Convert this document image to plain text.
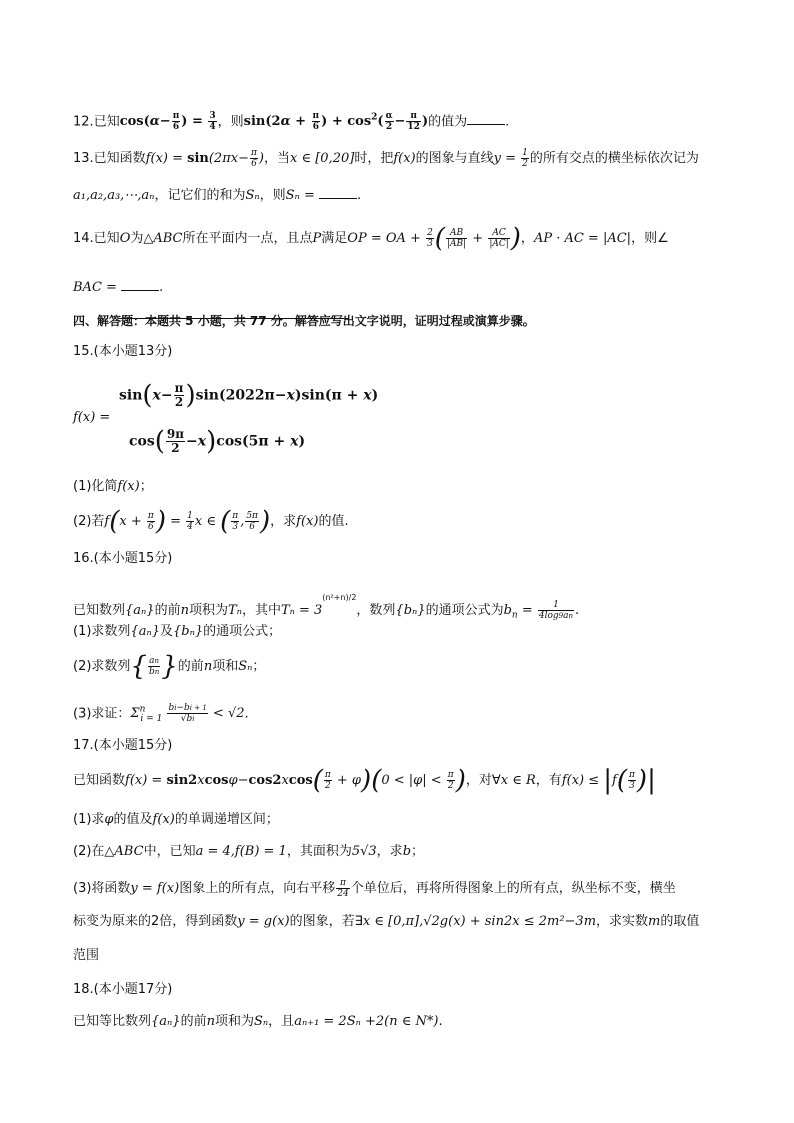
12.已知$\cos(\alpha- \frac{\pi}{6}$ ) = $\frac{3}{4}$ ，则$\sin(2\alpha + \frac{\pi}{6}$ ) + $\cos^2( \frac{\alpha}{2} - \frac{\pi}{12}$ )的值为	.
13.已知函数$f(x) = \sin(2\pi x- \frac{\pi}{6}$ )，当x ∈ [0,20]时，把f(x)的图象与直线$y = \frac{1}{2}$ 的所有交点的横坐标依次记为
a₁,a₂,a₃,⋯,aₙ，记它们的和为Sₙ，则Sₙ =	.
14.已知O为△ABC所在平面内一点，且点P满足OP = OA + $\frac{2}{3}$ ( $\frac{AB}{|AB|} + \frac{AC}{|AC|}$ )，AP · AC = |AC|，则∠
BAC =	.
四、解答题：本题共 5 小题，共 77 分。解答应写出文字说明，证明过程或演算步骤。
15.(本小题13分)
f(x) =
$\sin(x- \frac{\pi}{2} )\sin(2022\pi-x)\sin(\pi + x)$
$\cos( \frac{9\pi}{2} -x)\cos(5\pi + x)$
(1)化简f(x)；
(2)若$f(x + \frac{\pi}{6}$ ) = $\frac{1}{4}$ x ∈ ( $\frac{\pi}{3}$ , $\frac{5\pi}{6}$ )，求f(x)的值.
16.(本小题15分)
已知数列{aₙ}的前n项积为Tₙ，其中$T_n = 3^{(n^2+n)/2}$，数列{bₙ}的通项公式为$b_n = \frac{1}{4\log 9an}$ .
(1)求数列{aₙ}及{bₙ}的通项公式；
(2)求数列{ $\frac{an}{bn}$ }的前n项和Sₙ；
(3)求证：$\Sigma^n_{i = 1} \frac{bi-bi + 1}{√bi} < √2$.
17.(本小题15分)
已知函数$f(x) = \sin 2xcos\varphi-\cos 2xcos( \frac{\pi}{2} + \varphi)(0 < |\varphi| < \frac{\pi}{2}$ )，对∀x ∈ R，有$f(x) \le |f( \frac{\pi}{3}$ )|
(1)求φ的值及f(x)的单调递增区间；
(2)在△ABC中，已知a = 4,f(B) = 1，其面积为5√3，求b；
(3)将函数y = f(x)图象上的所有点，向右平移 $\frac{\pi}{24}$ 个单位后，再将所得图象上的所有点，纵坐标不变，横坐
标变为原来的2倍，得到函数y = g(x)的图象，若∃x ∈ [0,π],√2g(x) + sin2x ≤ 2m²−3m，求实数m的取值
范围
18.(本小题17分)
已知等比数列{aₙ}的前n项和为Sₙ，且aₙ₊₁ = 2Sₙ +2(n ∈ N*).
